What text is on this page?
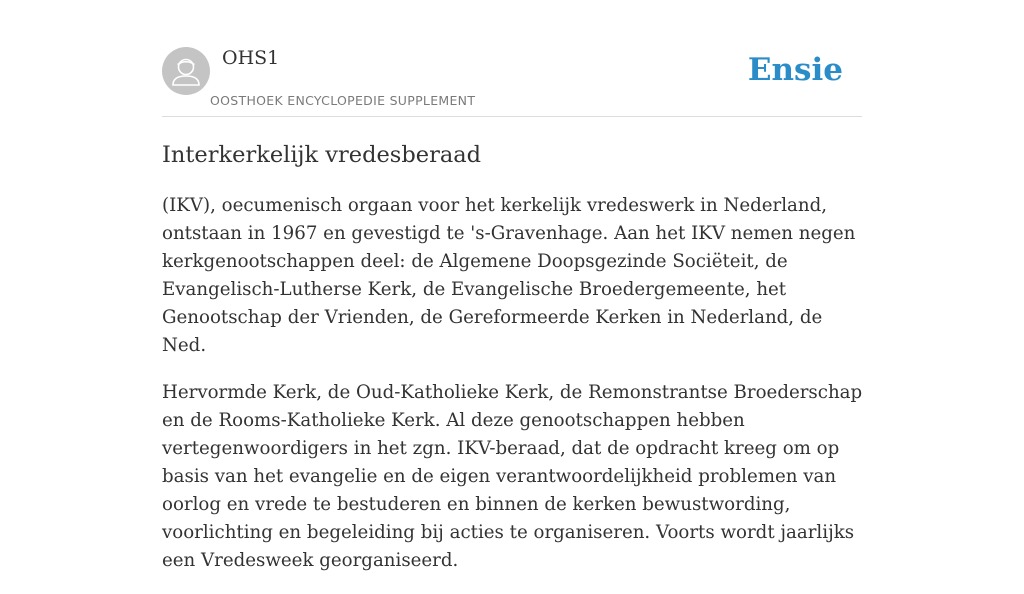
OHS1
OOSTHOEK ENCYCLOPEDIE SUPPLEMENT
Ensie
Interkerkelijk vredesberaad

(IKV), oecumenisch orgaan voor het kerkelijk vredeswerk in Nederland, ontstaan in 1967 en gevestigd te 's-Gravenhage. Aan het IKV nemen negen kerkgenootschappen deel: de Algemene Doopsgezinde Sociëteit, de Evangelisch-Lutherse Kerk, de Evangelische Broedergemeente, het Genootschap der Vrienden, de Gereformeerde Kerken in Nederland, de Ned.

Hervormde Kerk, de Oud-Katholieke Kerk, de Remonstrantse Broederschap en de Rooms-Katholieke Kerk. Al deze genootschappen hebben vertegenwoordigers in het zgn. IKV-beraad, dat de opdracht kreeg om op basis van het evangelie en de eigen verantwoordelijkheid problemen van oorlog en vrede te bestuderen en binnen de kerken bewustwording, voorlichting en begeleiding bij acties te organiseren. Voorts wordt jaarlijks een Vredesweek georganiseerd.
